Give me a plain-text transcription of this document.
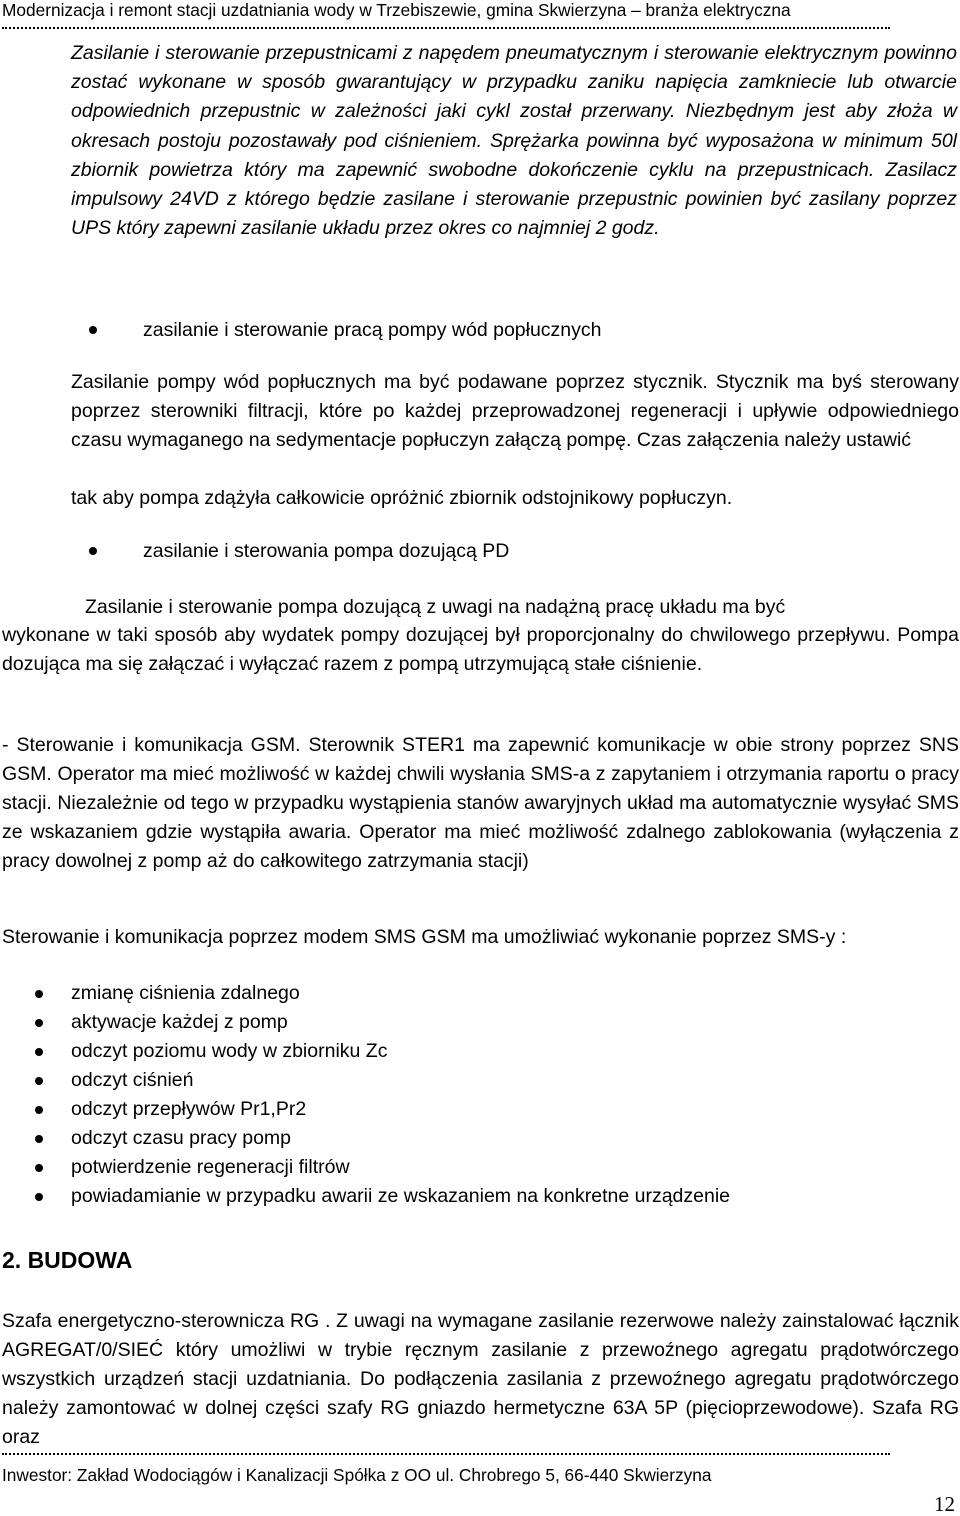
Modernizacja i remont stacji uzdatniania wody w Trzebiszewie, gmina Skwierzyna – branża elektryczna

Zasilanie i sterowanie przepustnicami z napędem pneumatycznym i sterowanie elektrycznym powinno zostać wykonane w sposób gwarantujący w przypadku zaniku napięcia zamkniecie lub otwarcie odpowiednich przepustnic w zależności jaki cykl został przerwany. Niezbędnym jest aby złoża w okresach postoju pozostawały pod ciśnieniem. Sprężarka powinna być wyposażona w minimum 50l zbiornik powietrza który ma zapewnić swobodne dokończenie cyklu na przepustnicach. Zasilacz impulsowy 24VD z którego będzie zasilane i sterowanie przepustnic powinien być zasilany poprzez UPS który zapewni zasilanie układu przez okres co najmniej 2 godz.

zasilanie i sterowanie pracą pompy wód popłucznych

Zasilanie pompy wód popłucznych ma być podawane poprzez stycznik. Stycznik ma byś sterowany poprzez sterowniki filtracji, które po każdej przeprowadzonej regeneracji i upływie odpowiedniego czasu wymaganego na sedymentacje popłuczyn załączą pompę. Czas załączenia należy ustawić

tak aby pompa zdążyła całkowicie opróżnić zbiornik odstojnikowy popłuczyn.
zasilanie i sterowania pompa dozującą PD
Zasilanie i sterowanie pompa dozującą z uwagi na nadążną pracę układu ma być

wykonane w taki sposób aby wydatek pompy dozującej był proporcjonalny do chwilowego przepływu. Pompa dozująca ma się załączać i wyłączać razem z pompą utrzymującą stałe ciśnienie.

- Sterowanie i komunikacja GSM. Sterownik STER1 ma zapewnić komunikacje w obie strony poprzez SNS GSM. Operator ma mieć możliwość w każdej chwili wysłania SMS-a z zapytaniem i otrzymania raportu o pracy stacji. Niezależnie od tego w przypadku wystąpienia stanów awaryjnych układ ma automatycznie wysyłać SMS ze wskazaniem gdzie wystąpiła awaria. Operator ma mieć możliwość zdalnego zablokowania (wyłączenia z pracy dowolnej z pomp aż do całkowitego zatrzymania stacji)

Sterowanie i komunikacja poprzez modem SMS GSM ma umożliwiać wykonanie poprzez SMS-y :

zmianę ciśnienia zdalnego
aktywacje każdej z pomp
odczyt poziomu wody w zbiorniku Zc
odczyt ciśnień
odczyt przepływów Pr1,Pr2
odczyt czasu pracy pomp
potwierdzenie regeneracji filtrów
powiadamianie w przypadku awarii ze wskazaniem na konkretne urządzenie
2. BUDOWA

Szafa energetyczno-sterownicza RG . Z uwagi na wymagane zasilanie rezerwowe należy zainstalować łącznik AGREGAT/0/SIEĆ który umożliwi w trybie ręcznym zasilanie z przewoźnego agregatu prądotwórczego wszystkich urządzeń stacji uzdatniania. Do podłączenia zasilania z przewoźnego agregatu prądotwórczego należy zamontować w dolnej części szafy RG gniazdo hermetyczne 63A 5P (pięcioprzewodowe). Szafa RG oraz

Inwestor: Zakład Wodociągów i Kanalizacji Spółka z OO ul. Chrobrego 5, 66-440 Skwierzyna
12
